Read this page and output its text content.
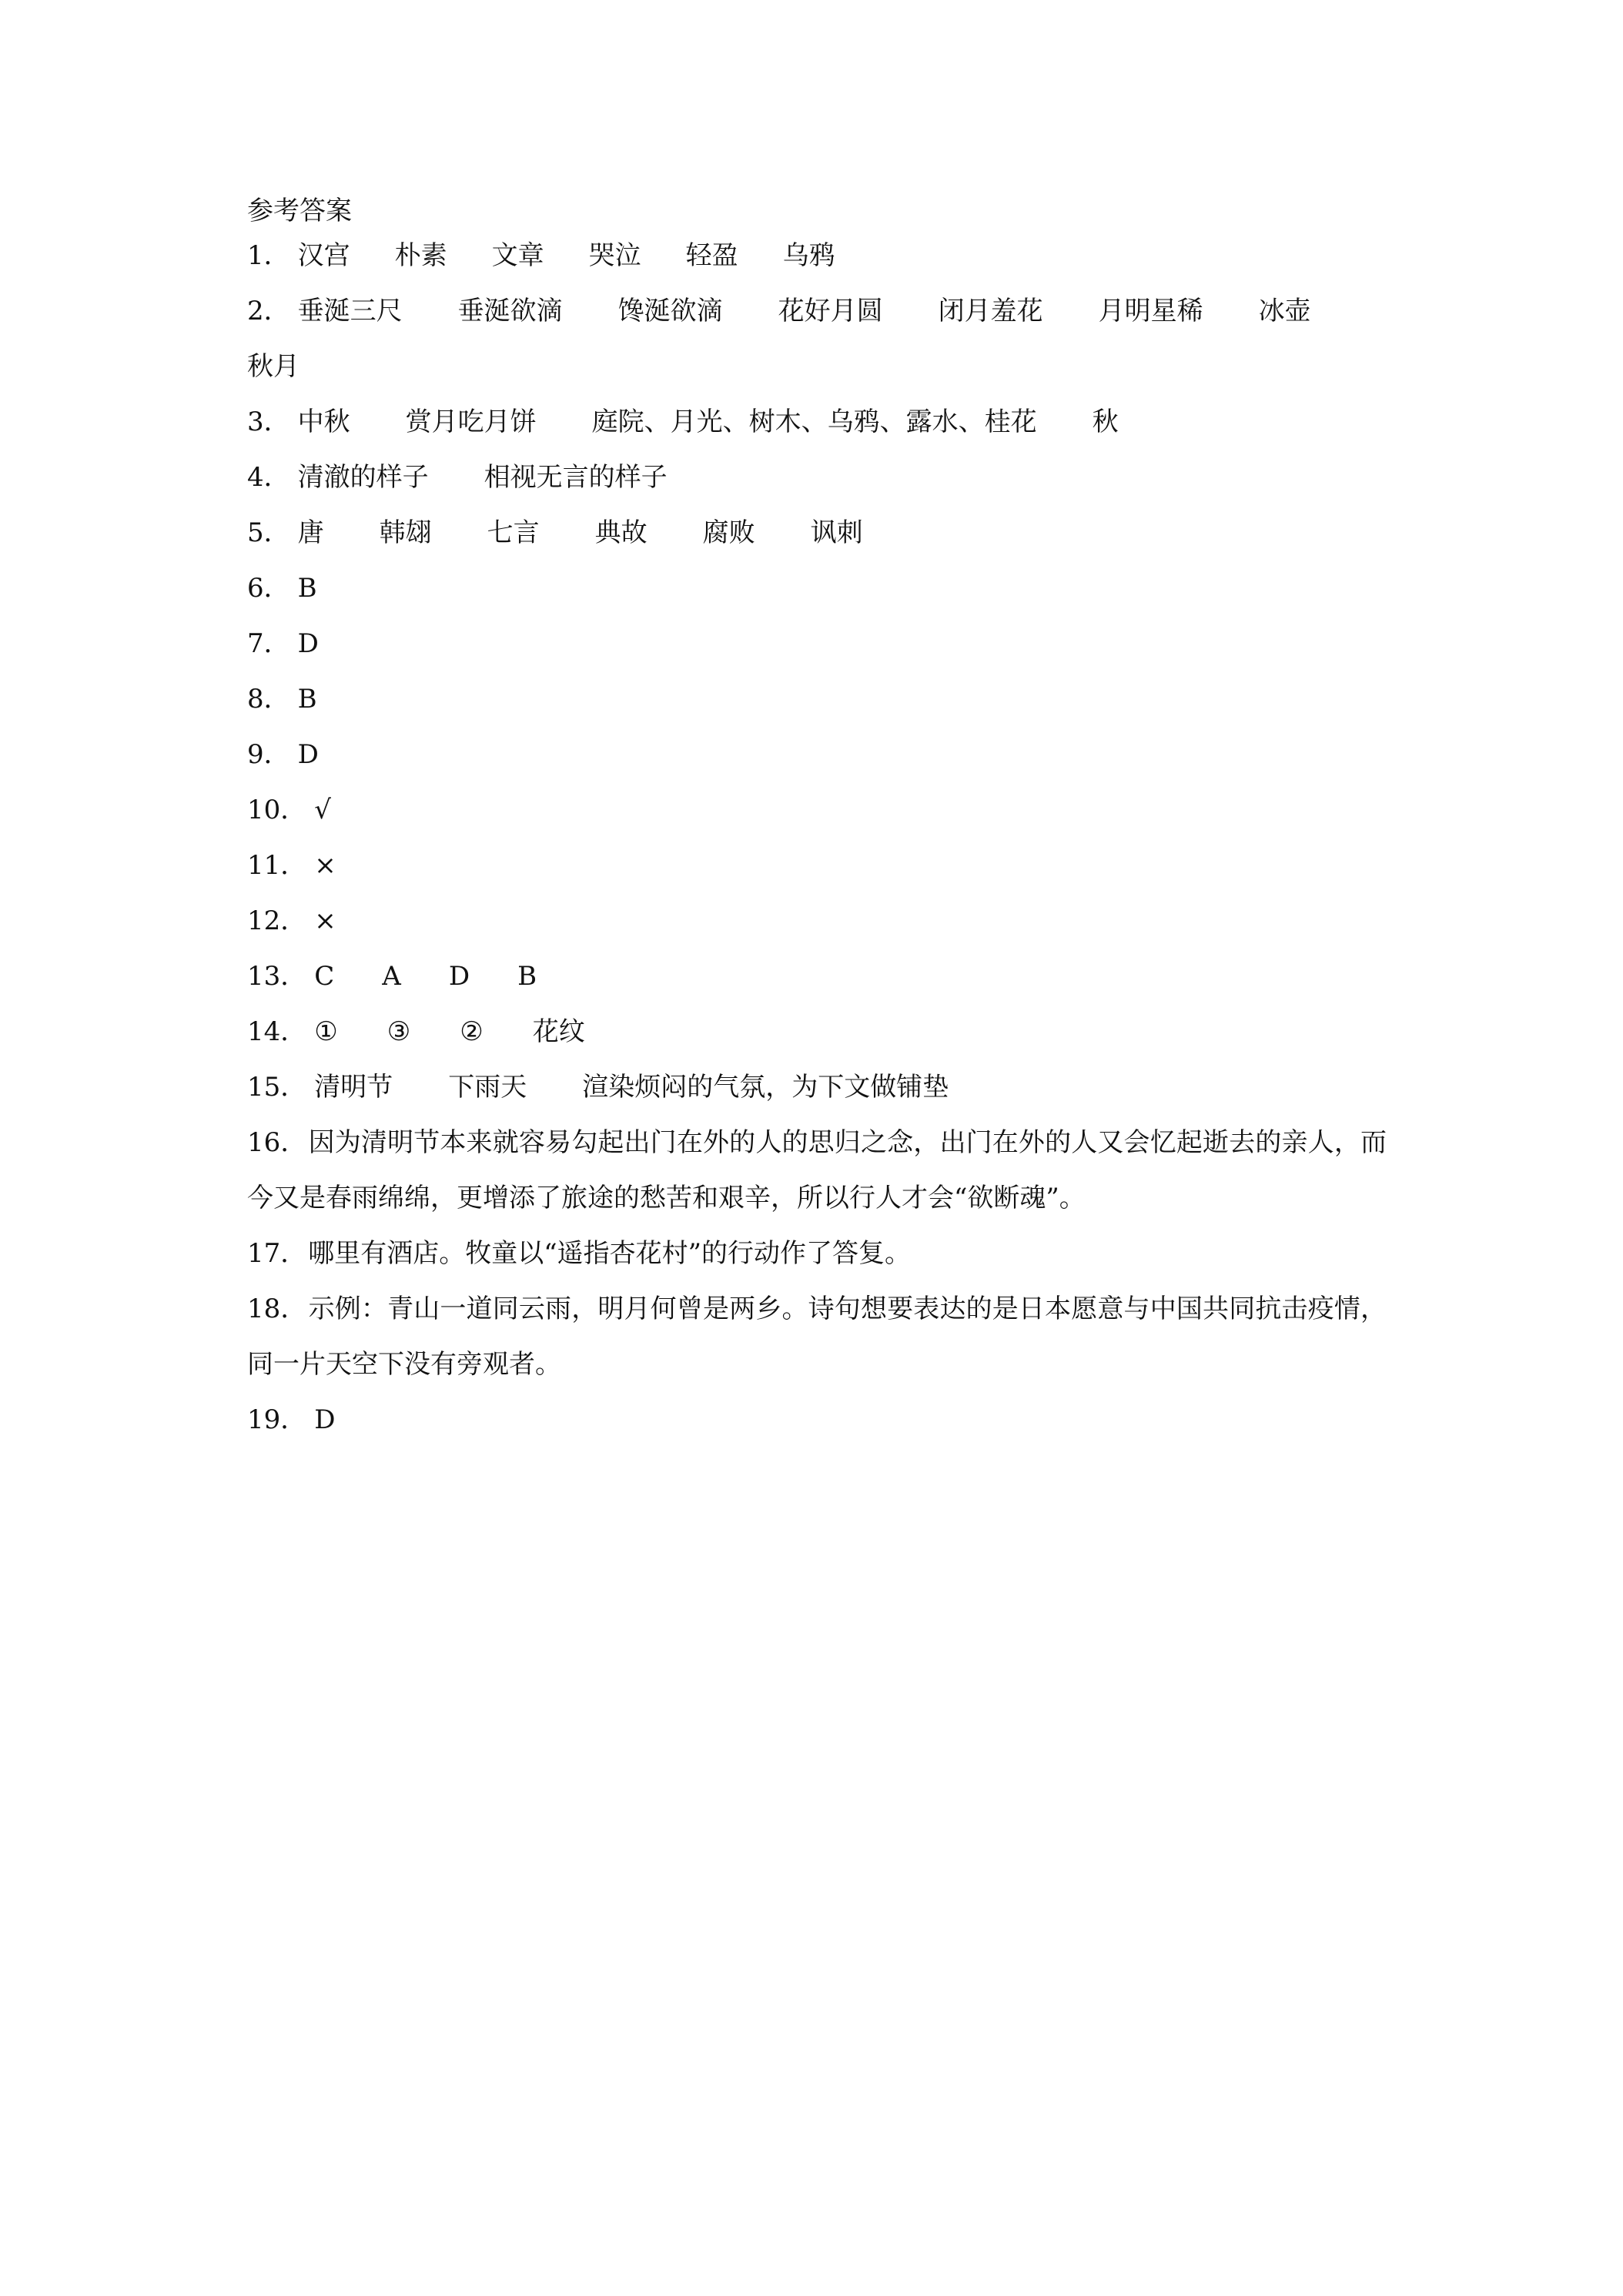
参考答案
1． 汉宫 朴素 文章 哭泣 轻盈 乌鸦
2． 垂涎三尺 垂涎欲滴 馋涎欲滴 花好月圆 闭月羞花 月明星稀 冰壶
秋月
3． 中秋 赏月吃月饼 庭院、月光、树木、乌鸦、露水、桂花 秋
4． 清澈的样子 相视无言的样子
5． 唐 韩翃 七言 典故 腐败 讽刺
6． B
7． D
8． B
9． D
10． √
11． ×
12． ×
13． C A D B
14． ① ③ ② 花纹
15． 清明节 下雨天 渲染烦闷的气氛，为下文做铺垫
16．因为清明节本来就容易勾起出门在外的人的思归之念，出门在外的人又会忆起逝去的亲人，而今又是春雨绵绵，更增添了旅途的愁苦和艰辛，所以行人才会“欲断魂”。
17．哪里有酒店。牧童以“遥指杏花村”的行动作了答复。
18．示例：青山一道同云雨，明月何曾是两乡。诗句想要表达的是日本愿意与中国共同抗击疫情，同一片天空下没有旁观者。
19． D
